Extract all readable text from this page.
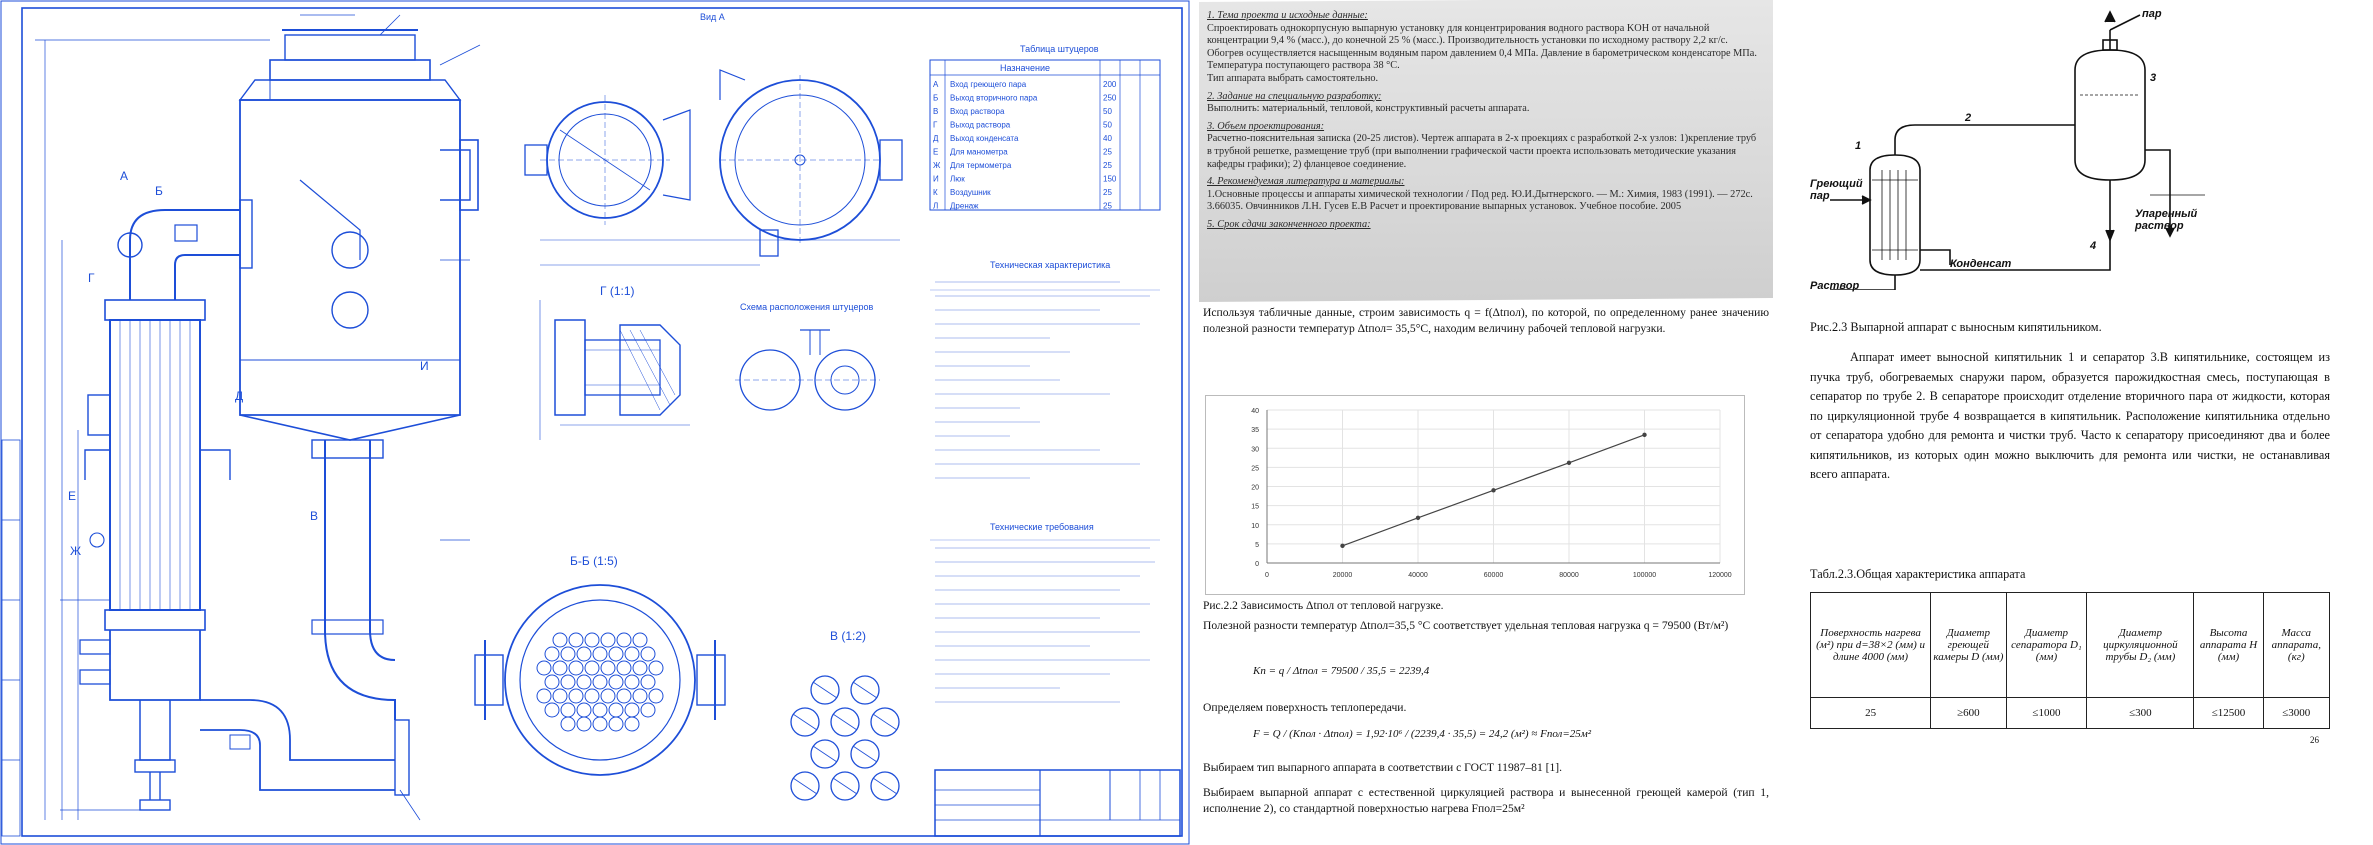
Вид А
Г (1:1)
Б-Б (1:5)
В (1:2)
Схема расположения штуцеров
Техническая характеристика
Технические требования
Таблица штуцеров
Назначение
А Вход греющего пара	200
Б Выход вторичного пара	250
В Вход раствора	50
Г Выход раствора	50
Д Выход конденсата	40
Е Для манометра	25
Ж Для термометра	25
И Люк	150
К Воздушник	25
Л Дренаж	25
А
Б
В
Г
Д
Е
Ж
И

1. Тема проекта и исходные данные:
Спроектировать однокорпусную выпарную установку для концентрирования водного раствора KOH от начальной концентрации 9,4 % (масс.), до конечной 25 % (масс.). Производительность установки по исходному раствору 2,2 кг/с. Обогрев осуществляется насыщенным водяным паром давлением 0,4 МПа. Давление в барометрическом конденсаторе МПа. Температура поступающего раствора 38 °С.
Тип аппарата выбрать самостоятельно.

2. Задание на специальную разработку:
Выполнить: материальный, тепловой, конструктивный расчеты аппарата.

3. Объем проектирования:
Расчетно-пояснительная записка (20-25 листов). Чертеж аппарата в 2-х проекциях с разработкой 2-х узлов: 1)крепление труб в трубной решетке, размещение труб (при выполнении графической части проекта использовать методические указания кафедры графики); 2) фланцевое соединение.

4. Рекомендуемая литература и материалы:
1.Основные процессы и аппараты химической технологии / Под ред. Ю.И.Дытнерского. — М.: Химия, 1983 (1991). — 272с. 3.66035. Овчинников Л.Н. Гусев Е.В Расчет и проектирование выпарных установок. Учебное пособие. 2005

5. Срок сдачи законченного проекта:

Используя табличные данные, строим зависимость q = f(Δtпол), по которой, по определенному ранее значению полезной разности температур Δtпол= 35,5°С, находим величину рабочей тепловой нагрузки.
0	20000	40000	60000	80000	100000	120000
0
5
10
15
20
25
30
35
40
Рис.2.2 Зависимость Δtпол от тепловой нагрузке.
Полезной разности температур Δtпол=35,5 °С соответствует удельная тепловая нагрузка q = 79500 (Вт/м²)
Kп = q / Δtпол = 79500 / 35,5 = 2239,4
Определяем поверхность теплопередачи.
F = Q / (Kпол · Δtпол) = 1,92·10⁶ / (2239,4 · 35,5) = 24,2 (м²) ≈ Fпол=25м²
Выбираем тип выпарного аппарата в соответствии с ГОСТ 11987–81 [1].
Выбираем выпарной аппарат с естественной циркуляцией раствора и вынесенной греющей камерой (тип 1, исполнение 2), со стандартной поверхностью нагрева Fпол=25м²
пар
3
2
1
4
Греющий пар
Упаренный раствор
Раствор
Конденсат
Рис.2.3 Выпарной аппарат с выносным кипятильником.
Аппарат имеет выносной кипятильник 1 и сепаратор 3.В кипятильнике, состоящем из пучка труб, обогреваемых снаружи паром, образуется парожидкостная смесь, поступающая в сепаратор по трубе 2. В сепараторе происходит отделение вторичного пара от жидкости, которая по циркуляционной трубе 4 возвращается в кипятильник. Расположение кипятильника отдельно от сепаратора удобно для ремонта и чистки труб. Часто к сепаратору присоединяют два и более кипятильников, из которых один можно выключить для ремонта или чистки, не останавливая всего аппарата.
Табл.2.3.Общая характеристика аппарата
Поверхность нагрева (м²) при d=38×2 (мм) и длине 4000 (мм)	Диаметр греющей камеры D (мм)	Диаметр сепаратора D₁ (мм)	Диаметр циркуляционной трубы D₂ (мм)	Высота аппарата H (мм)	Масса аппарата, (кг)
25	≥600	≤1000	≤300	≤12500	≤3000
26
